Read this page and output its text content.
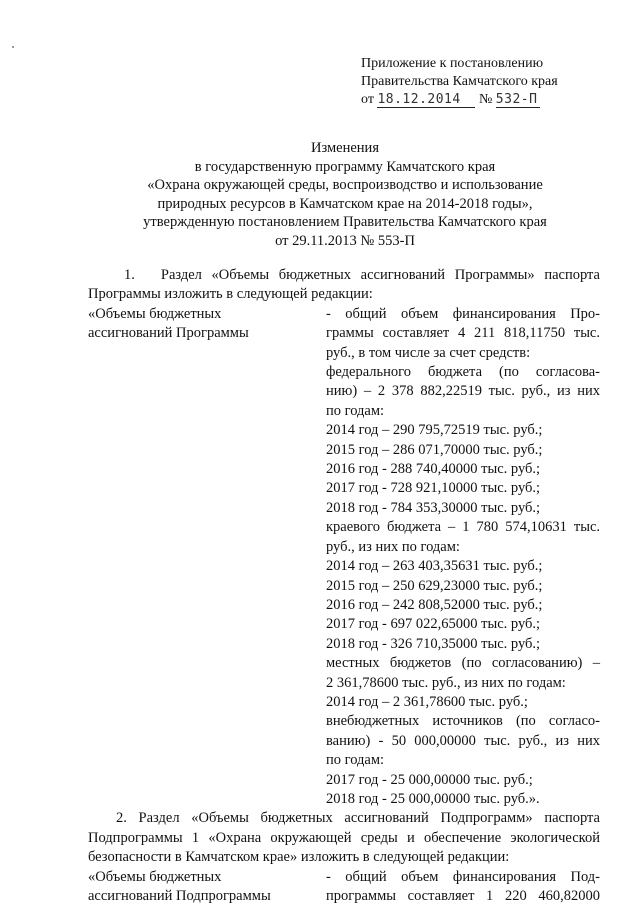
Приложение к постановлению
Правительства Камчатского края
от 18.12.2014 № 532-П
Изменения
в государственную программу Камчатского края
«Охрана окружающей среды, воспроизводство и использование
природных ресурсов в Камчатском крае на 2014-2018 годы»,
утвержденную постановлением Правительства Камчатского края
от 29.11.2013 № 553-П
1.	Раздел «Объемы бюджетных ассигнований Программы» паспорта
Программы изложить в следующей редакции:
«Объемы бюджетных
ассигнований Программы
- общий объем финансирования Про-
граммы составляет 4 211 818,11750 тыс.
руб., в том числе за счет средств:
федерального бюджета (по согласова-
нию) – 2 378 882,22519 тыс. руб., из них
по годам:
2014 год – 290 795,72519 тыс. руб.;
2015 год – 286 071,70000 тыс. руб.;
2016 год - 288 740,40000 тыс. руб.;
2017 год - 728 921,10000 тыс. руб.;
2018 год - 784 353,30000 тыс. руб.;
краевого бюджета – 1 780 574,10631 тыс.
руб., из них по годам:
2014 год – 263 403,35631 тыс. руб.;
2015 год – 250 629,23000 тыс. руб.;
2016 год – 242 808,52000 тыс. руб.;
2017 год - 697 022,65000 тыс. руб.;
2018 год - 326 710,35000 тыс. руб.;
местных бюджетов (по согласованию) –
2 361,78600 тыс. руб., из них по годам:
2014 год – 2 361,78600 тыс. руб.;
внебюджетных источников (по согласо-
ванию) - 50 000,00000 тыс. руб., из них
по годам:
2017 год - 25 000,00000 тыс. руб.;
2018 год - 25 000,00000 тыс. руб.».
2. Раздел «Объемы бюджетных ассигнований Подпрограмм» паспорта
Подпрограммы 1 «Охрана окружающей среды и обеспечение экологической
безопасности в Камчатском крае» изложить в следующей редакции:
«Объемы бюджетных
ассигнований Подпрограммы
- общий объем финансирования Под-
программы составляет 1 220 460,82000
